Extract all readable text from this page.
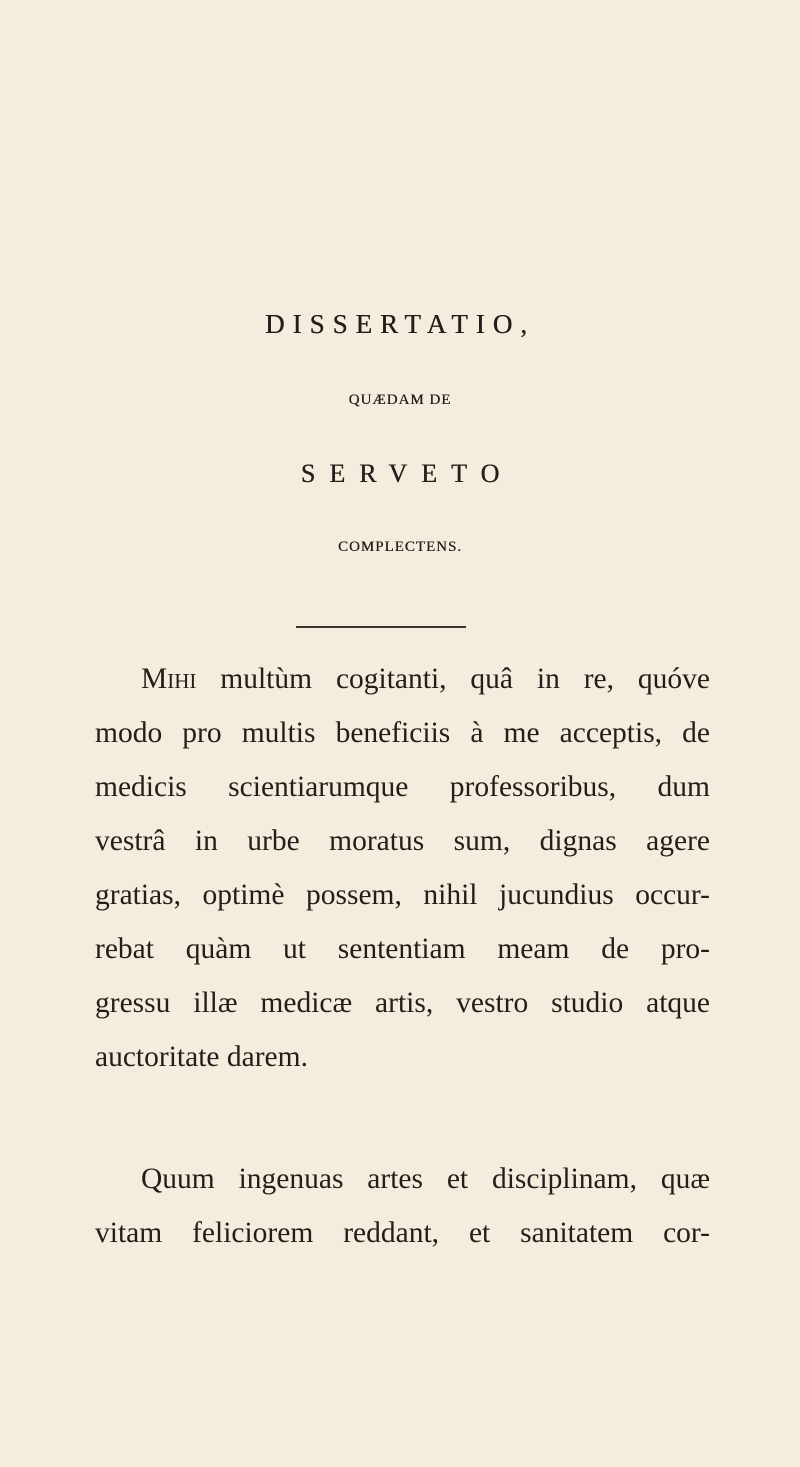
DISSERTATIO,
QUÆDAM DE
SERVETO
COMPLECTENS.
Mihi multùm cogitanti, quâ in re, quóve
modo pro multis beneficiis à me acceptis, de
medicis scientiarumque professoribus, dum
vestrâ in urbe moratus sum, dignas agere
gratias, optimè possem, nihil jucundius occur-
rebat quàm ut sententiam meam de pro-
gressu illæ medicæ artis, vestro studio atque
auctoritate darem.
Quum ingenuas artes et disciplinam, quæ
vitam feliciorem reddant, et sanitatem cor-
